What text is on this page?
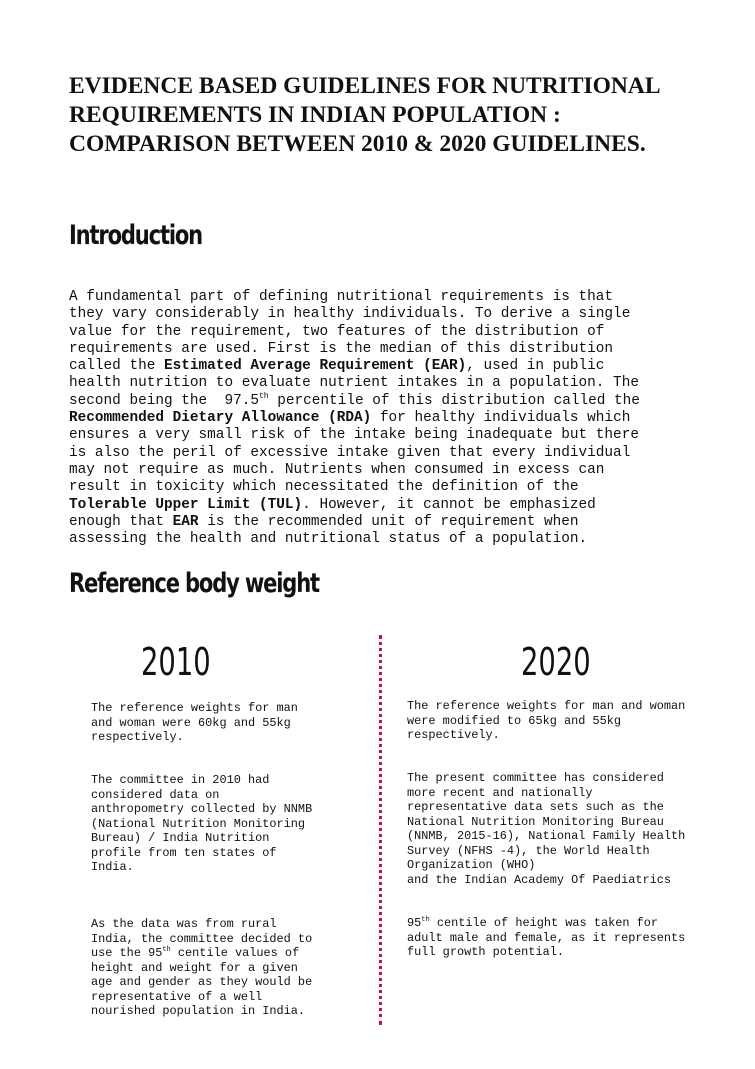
EVIDENCE BASED GUIDELINES FOR NUTRITIONAL REQUIREMENTS IN INDIAN POPULATION : COMPARISON BETWEEN 2010 & 2020 GUIDELINES.
Introduction

A fundamental part of defining nutritional requirements is that
they vary considerably in healthy individuals. To derive a single
value for the requirement, two features of the distribution of
requirements are used. First is the median of this distribution
called the Estimated Average Requirement (EAR), used in public
health nutrition to evaluate nutrient intakes in a population. The
second being the  97.5th percentile of this distribution called the
Recommended Dietary Allowance (RDA) for healthy individuals which
ensures a very small risk of the intake being inadequate but there
is also the peril of excessive intake given that every individual
may not require as much. Nutrients when consumed in excess can
result in toxicity which necessitated the definition of the
Tolerable Upper Limit (TUL). However, it cannot be emphasized
enough that EAR is the recommended unit of requirement when
assessing the health and nutritional status of a population.

Reference body weight
2010	2020

The reference weights for man
and woman were 60kg and 55kg
respectively.

The committee in 2010 had
considered data on
anthropometry collected by NNMB
(National Nutrition Monitoring
Bureau) / India Nutrition
profile from ten states of
India.

As the data was from rural
India, the committee decided to
use the 95th centile values of
height and weight for a given
age and gender as they would be
representative of a well
nourished population in India.

The reference weights for man and woman
were modified to 65kg and 55kg
respectively.

The present committee has considered
more recent and nationally
representative data sets such as the
National Nutrition Monitoring Bureau
(NNMB, 2015-16), National Family Health
Survey (NFHS -4), the World Health
Organization (WHO)
and the Indian Academy Of Paediatrics

95th centile of height was taken for
adult male and female, as it represents
full growth potential.
